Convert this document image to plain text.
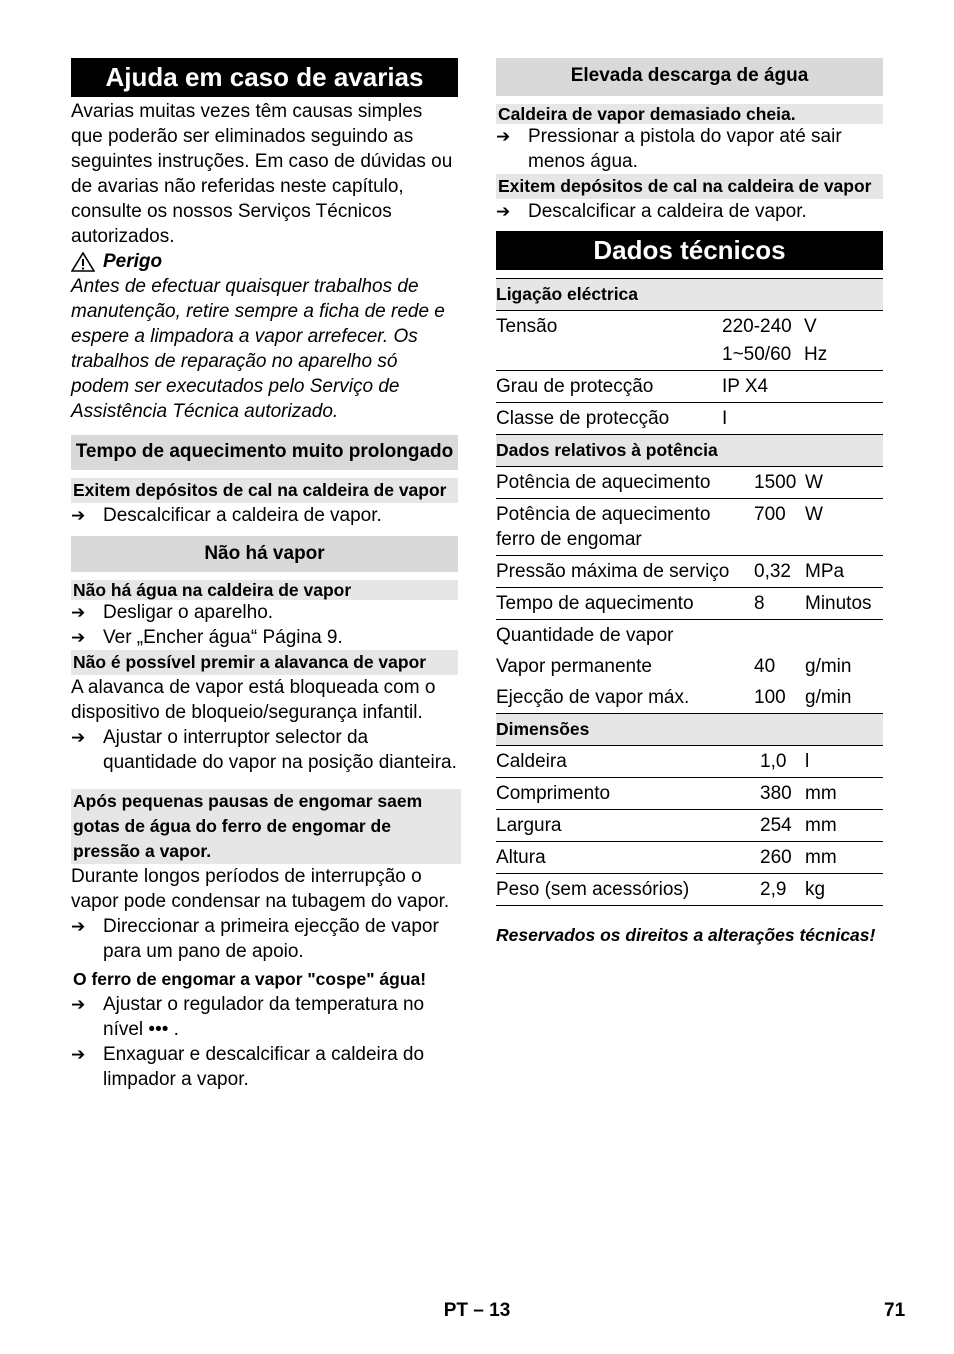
Ajuda em caso de avarias

Avarias muitas vezes têm causas simples que poderão ser eliminados seguindo as seguintes instruções. Em caso de dúvidas ou de avarias não referidas neste capítulo, consulte os nossos Serviços Técnicos autorizados.

Perigo

Antes de efectuar quaisquer trabalhos de manutenção, retire sempre a ficha de rede e espere a limpadora a vapor arrefecer. Os trabalhos de reparação no aparelho só podem ser executados pelo Serviço de Assistência Técnica autorizado.

Tempo de aquecimento muito prolongado
Exitem depósitos de cal na caldeira de vapor
➔ Descalcificar a caldeira de vapor.
Não há vapor
Não há água na caldeira de vapor
➔ Desligar o aparelho.
➔ Ver „Encher água“ Página 9.
Não é possível premir a alavanca de vapor

A alavanca de vapor está bloqueada com o dispositivo de bloqueio/segurança infantil.

➔ Ajustar o interruptor selector da quantidade do vapor na posição dianteira.
Após pequenas pausas de engomar saem gotas de água do ferro de engomar de pressão a vapor.

Durante longos períodos de interrupção o vapor pode condensar na tubagem do vapor.

➔ Direccionar a primeira ejecção de vapor para um pano de apoio.
O ferro de engomar a vapor "cospe" água!
➔ Ajustar o regulador da temperatura no nível ••• .
➔ Enxaguar e descalcificar a caldeira do limpador a vapor.
Elevada descarga de água
Caldeira de vapor demasiado cheia.
➔ Pressionar a pistola do vapor até sair menos água.
Exitem depósitos de cal na caldeira de vapor
➔ Descalcificar a caldeira de vapor.
Dados técnicos
Ligação eléctrica		
Tensão	220-240	V
	1~50/60	Hz
Grau de protecção	IP X4	
Classe de protecção	I	
Dados relativos à potência		
Potência de aquecimento	1500	W
Potência de aquecimento ferro de engomar	700	W
Pressão máxima de serviço	0,32	MPa
Tempo de aquecimento	8	Minutos
Quantidade de vapor		
Vapor permanente	40	g/min
Ejecção de vapor máx.	100	g/min
Dimensões		
Caldeira	1,0	l
Comprimento	380	mm
Largura	254	mm
Altura	260	mm
Peso (sem acessórios)	2,9	kg

Reservados os direitos a alterações técnicas!

PT – 13	71
